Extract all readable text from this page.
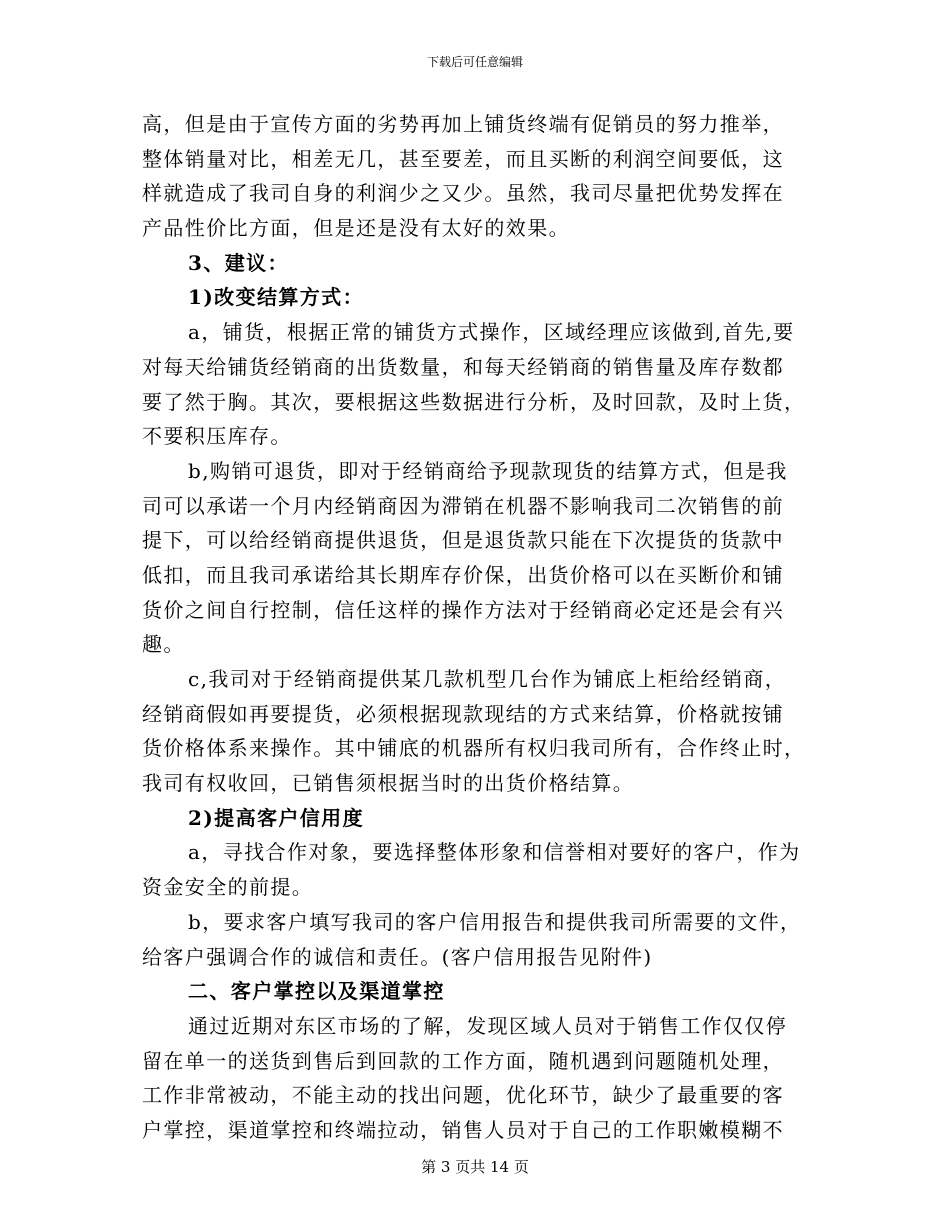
下载后可任意编辑
高，但是由于宣传方面的劣势再加上铺货终端有促销员的努力推举，
整体销量对比，相差无几，甚至要差，而且买断的利润空间要低，这
样就造成了我司自身的利润少之又少。虽然，我司尽量把优势发挥在
产品性价比方面，但是还是没有太好的效果。
3、建议：
1)改变结算方式：
a，铺货，根据正常的铺货方式操作，区域经理应该做到,首先,要
对每天给铺货经销商的出货数量，和每天经销商的销售量及库存数都
要了然于胸。其次，要根据这些数据进行分析，及时回款，及时上货，
不要积压库存。
b,购销可退货，即对于经销商给予现款现货的结算方式，但是我
司可以承诺一个月内经销商因为滞销在机器不影响我司二次销售的前
提下，可以给经销商提供退货，但是退货款只能在下次提货的货款中
低扣，而且我司承诺给其长期库存价保，出货价格可以在买断价和铺
货价之间自行控制，信任这样的操作方法对于经销商必定还是会有兴
趣。
c,我司对于经销商提供某几款机型几台作为铺底上柜给经销商，
经销商假如再要提货，必须根据现款现结的方式来结算，价格就按铺
货价格体系来操作。其中铺底的机器所有权归我司所有，合作终止时，
我司有权收回，已销售须根据当时的出货价格结算。
2)提高客户信用度
a，寻找合作对象，要选择整体形象和信誉相对要好的客户，作为
资金安全的前提。
b，要求客户填写我司的客户信用报告和提供我司所需要的文件，
给客户强调合作的诚信和责任。(客户信用报告见附件)
二、客户掌控以及渠道掌控
通过近期对东区市场的了解，发现区域人员对于销售工作仅仅停
留在单一的送货到售后到回款的工作方面，随机遇到问题随机处理，
工作非常被动，不能主动的找出问题，优化环节，缺少了最重要的客
户掌控，渠道掌控和终端拉动，销售人员对于自己的工作职嫩模糊不
第 3 页共 14 页
